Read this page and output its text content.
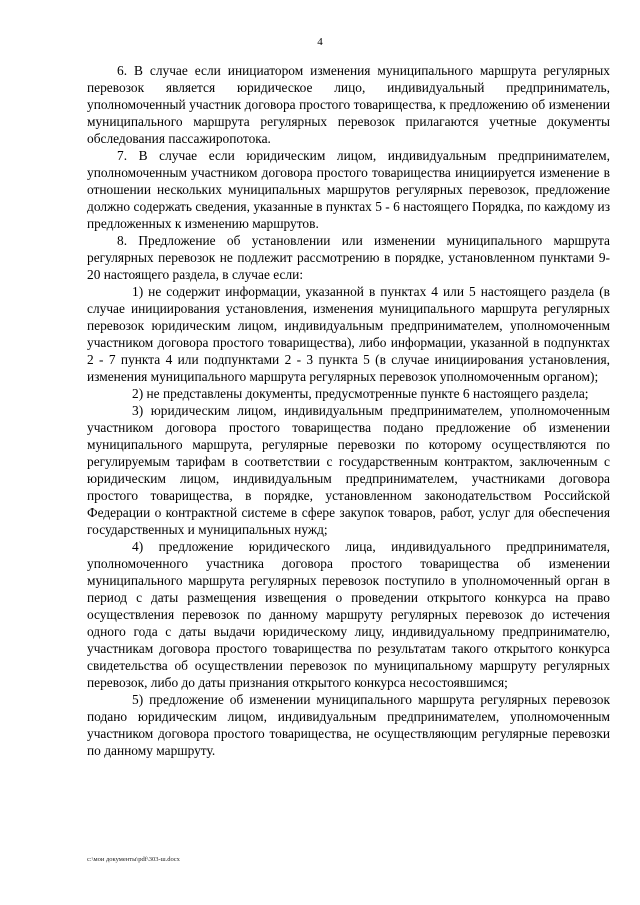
4

6. В случае если инициатором изменения муниципального маршрута регулярных перевозок является юридическое лицо, индивидуальный предприниматель, уполномоченный участник договора простого товарищества, к предложению об изменении муниципального маршрута регулярных перевозок прилагаются учетные документы обследования пассажиропотока.

7. В случае если юридическим лицом, индивидуальным предпринимателем, уполномоченным участником договора простого товарищества инициируется изменение в отношении нескольких муниципальных маршрутов регулярных перевозок, предложение должно содержать сведения, указанные в пунктах 5 - 6 настоящего Порядка, по каждому из предложенных к изменению маршрутов.

8. Предложение об установлении или изменении муниципального маршрута регулярных перевозок не подлежит рассмотрению в порядке, установленном пунктами 9-20 настоящего раздела, в случае если:

1) не содержит информации, указанной в пунктах 4 или 5 настоящего раздела (в случае инициирования установления, изменения муниципального маршрута регулярных перевозок юридическим лицом, индивидуальным предпринимателем, уполномоченным участником договора простого товарищества), либо информации, указанной в подпунктах 2 - 7 пункта 4 или подпунктами 2 - 3 пункта 5 (в случае инициирования установления, изменения муниципального маршрута регулярных перевозок уполномоченным органом);

2) не представлены документы, предусмотренные пункте 6 настоящего раздела;

3) юридическим лицом, индивидуальным предпринимателем, уполномоченным участником договора простого товарищества подано предложение об изменении муниципального маршрута, регулярные перевозки по которому осуществляются по регулируемым тарифам в соответствии с государственным контрактом, заключенным с юридическим лицом, индивидуальным предпринимателем, участниками договора простого товарищества, в порядке, установленном законодательством Российской Федерации о контрактной системе в сфере закупок товаров, работ, услуг для обеспечения государственных и муниципальных нужд;

4) предложение юридического лица, индивидуального предпринимателя, уполномоченного участника договора простого товарищества об изменении муниципального маршрута регулярных перевозок поступило в уполномоченный орган в период с даты размещения извещения о проведении открытого конкурса на право осуществления перевозок по данному маршруту регулярных перевозок до истечения одного года с даты выдачи юридическому лицу, индивидуальному предпринимателю, участникам договора простого товарищества по результатам такого открытого конкурса свидетельства об осуществлении перевозок по муниципальному маршруту регулярных перевозок, либо до даты признания открытого конкурса несостоявшимся;

5) предложение об изменении муниципального маршрута регулярных перевозок подано юридическим лицом, индивидуальным предпринимателем, уполномоченным участником договора простого товарищества, не осуществляющим регулярные перевозки по данному маршруту.

c:\мои документы\pdf\303-ш.docx
